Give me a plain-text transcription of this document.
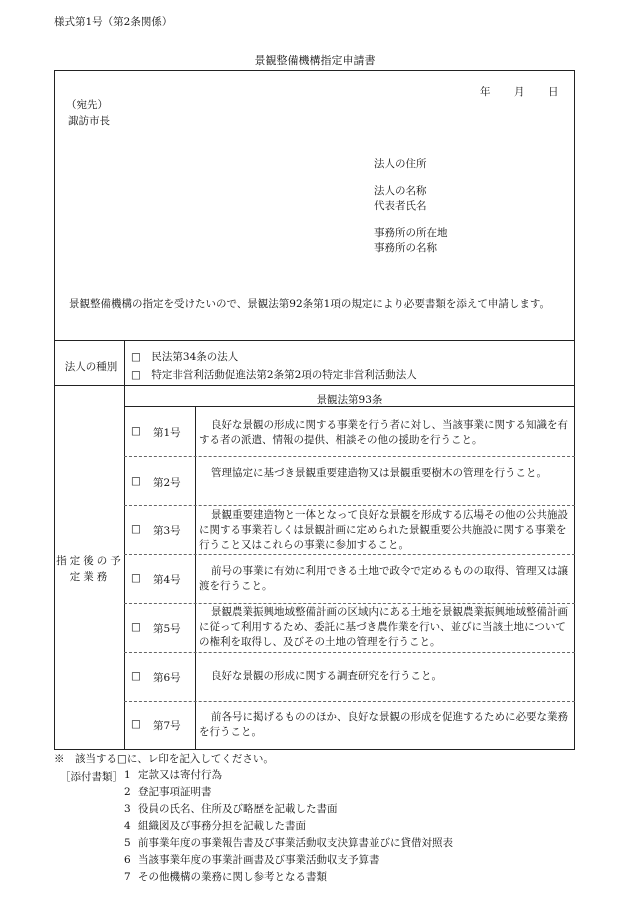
様式第1号（第2条関係）
景観整備機構指定申請書
年 月 日
（宛先）
諏訪市長
法人の住所
法人の名称
代表者氏名
事務所の所在地
事務所の名称
景観整備機構の指定を受けたいので、景観法第92条第1項の規定により必要書類を添えて申請します。
法人の種別
□　民法第34条の法人
□　特定非営利活動促進法第2条第2項の特定非営利活動法人
指定後の予定業務
景観法第93条
□ 第1号
良好な景観の形成に関する事業を行う者に対し、当該事業に関する知識を有する者の派遣、情報の提供、相談その他の援助を行うこと。
□ 第2号
管理協定に基づき景観重要建造物又は景観重要樹木の管理を行うこと。
□ 第3号
景観重要建造物と一体となって良好な景観を形成する広場その他の公共施設に関する事業若しくは景観計画に定められた景観重要公共施設に関する事業を行うこと又はこれらの事業に参加すること。
□ 第4号
前号の事業に有効に利用できる土地で政令で定めるものの取得、管理又は譲渡を行うこと。
□ 第5号
景観農業振興地域整備計画の区域内にある土地を景観農業振興地域整備計画に従って利用するため、委託に基づき農作業を行い、並びに当該土地についての権利を取得し、及びその土地の管理を行うこと。
□ 第6号	良好な景観の形成に関する調査研究を行うこと。
□ 第7号
前各号に掲げるもののほか、良好な景観の形成を促進するために必要な業務を行うこと。
※　該当する□に、レ印を記入してください。
［添付書類］ 1 定款又は寄付行為
2 登記事項証明書
3 役員の氏名、住所及び略歴を記載した書面
4 組織図及び事務分担を記載した書面
5 前事業年度の事業報告書及び事業活動収支決算書並びに貸借対照表
6 当該事業年度の事業計画書及び事業活動収支予算書
7 その他機構の業務に関し参考となる書類
